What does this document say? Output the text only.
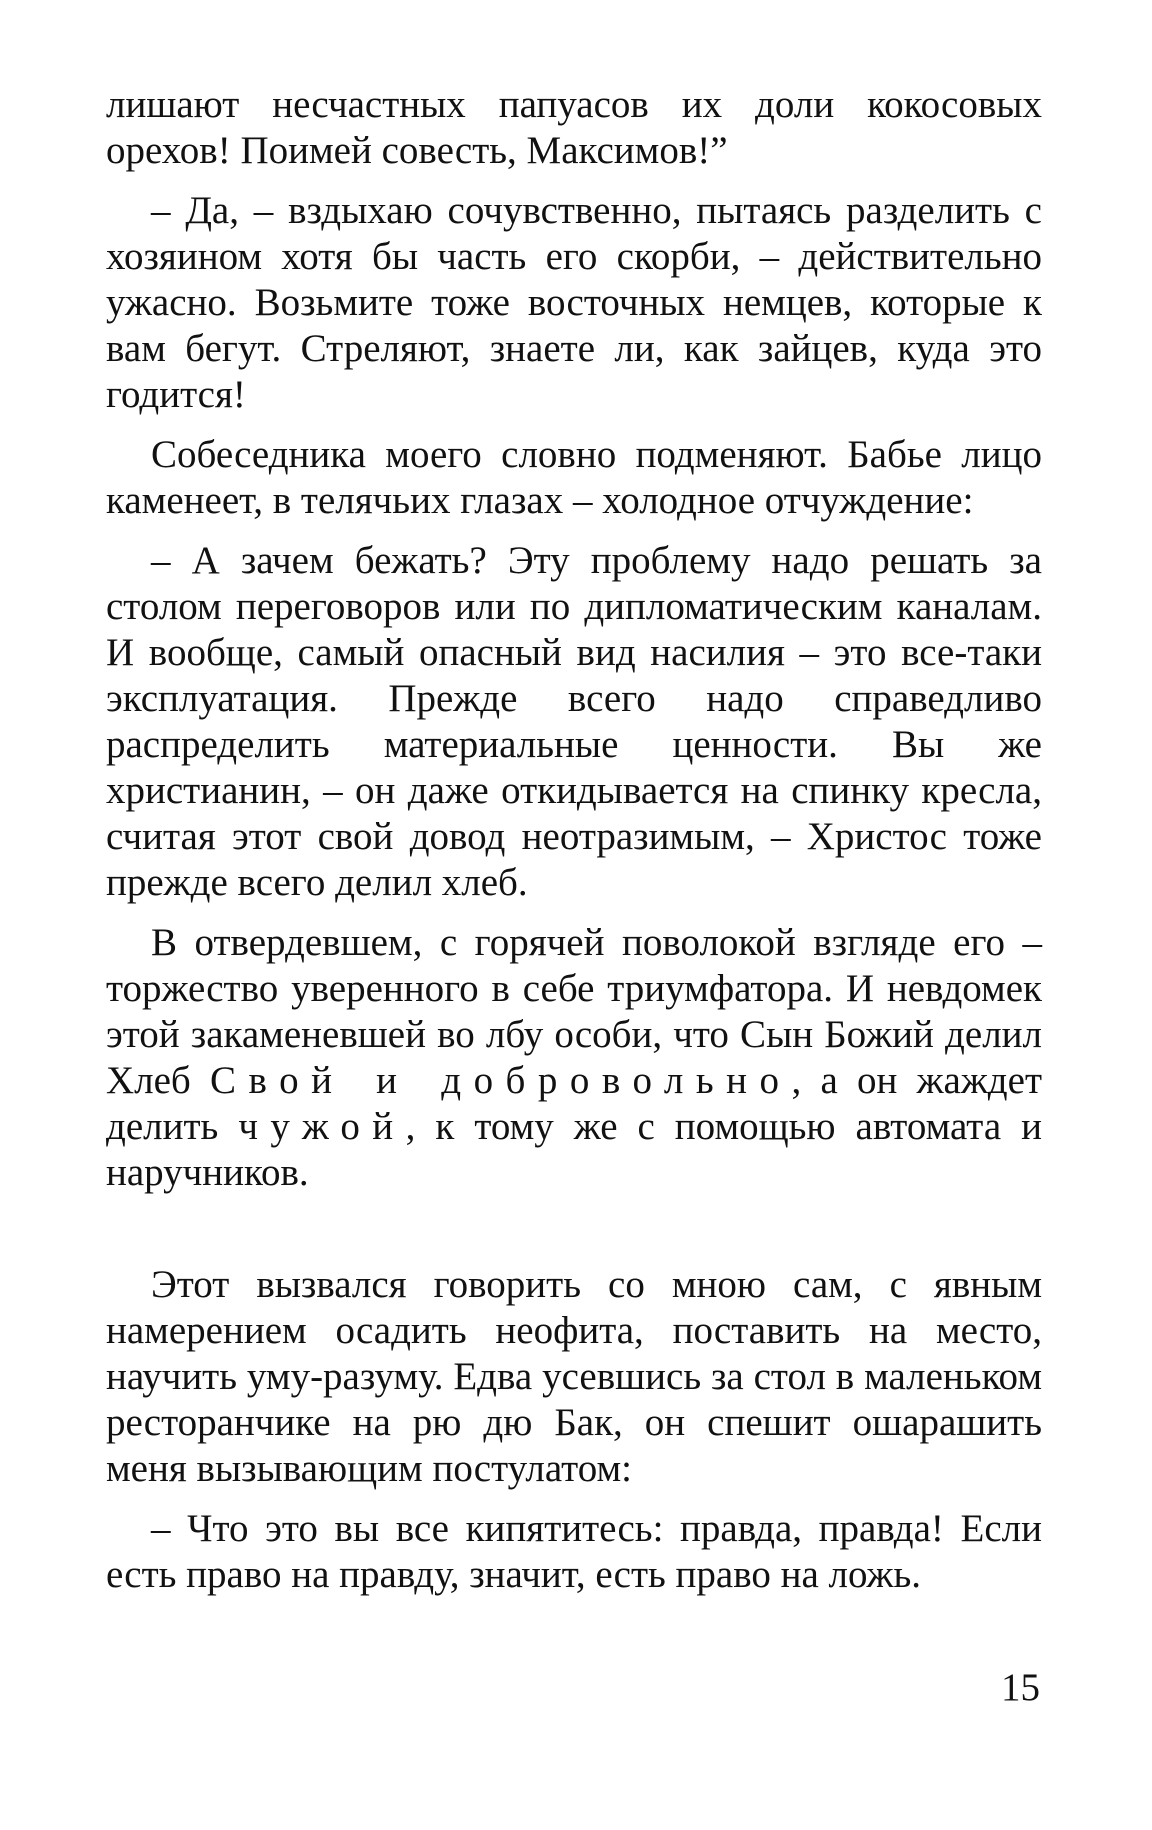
лишают несчастных папуасов их доли кокосовых орехов! Поимей совесть, Максимов!”

– Да, – вздыхаю сочувственно, пытаясь разделить с хозяином хотя бы часть его скорби, – действительно ужасно. Возьмите тоже восточных немцев, которые к вам бегут. Стреляют, знаете ли, как зайцев, куда это годится!

Собеседника моего словно подменяют. Бабье лицо каменеет, в телячьих глазах – холодное отчуждение:

– А зачем бежать? Эту проблему надо решать за столом переговоров или по дипломатическим каналам. И вообще, самый опасный вид насилия – это все-таки эксплуатация. Прежде всего надо справедливо распределить материальные ценности. Вы же христианин, – он даже откидывается на спинку кресла, считая этот свой довод неотразимым, – Христос тоже прежде всего делил хлеб.

В отвердевшем, с горячей поволокой взгляде его – торжество уверенного в себе триумфатора. И невдомек этой закаменевшей во лбу особи, что Сын Божий делил Хлеб Свой и добровольно, а он жаждет делить чужой, к тому же с помощью автомата и наручников.

Этот вызвался говорить со мною сам, с явным намерением осадить неофита, поставить на место, научить уму-разуму. Едва усевшись за стол в маленьком ресторанчике на рю дю Бак, он спешит ошарашить меня вызывающим постулатом:

– Что это вы все кипятитесь: правда, правда! Если есть право на правду, значит, есть право на ложь.

15
